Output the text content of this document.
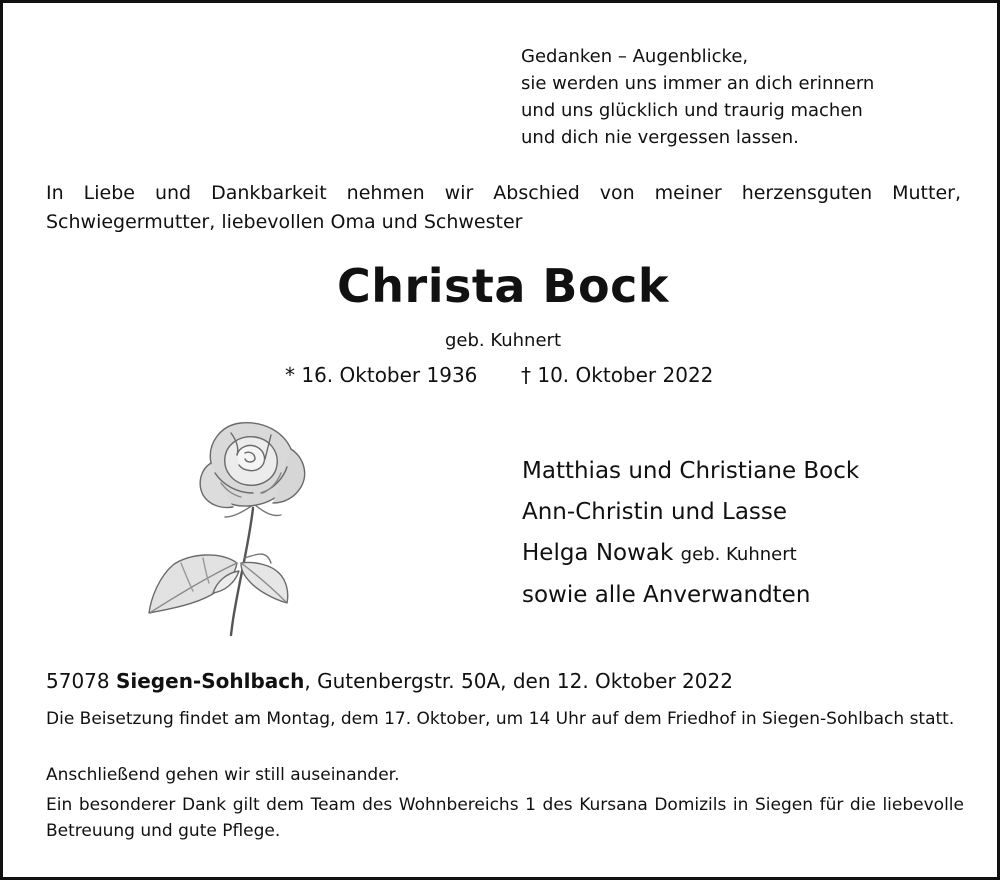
Gedanken – Augenblicke,
sie werden uns immer an dich erinnern
und uns glücklich und traurig machen
und dich nie vergessen lassen.
In Liebe und Dankbarkeit nehmen wir Abschied von meiner herzensguten Mutter, Schwiegermutter, liebevollen Oma und Schwester
Christa Bock
geb. Kuhnert
* 16. Oktober 1936 † 10. Oktober 2022
Matthias und Christiane Bock
Ann-Christin und Lasse
Helga Nowak geb. Kuhnert
sowie alle Anverwandten
57078 Siegen-Sohlbach, Gutenbergstr. 50A, den 12. Oktober 2022
Die Beisetzung findet am Montag, dem 17. Oktober, um 14 Uhr auf dem Friedhof in Siegen-Sohlbach statt.
Anschließend gehen wir still auseinander.
Ein besonderer Dank gilt dem Team des Wohnbereichs 1 des Kursana Domizils in Siegen für die liebevolle Betreuung und gute Pflege.
